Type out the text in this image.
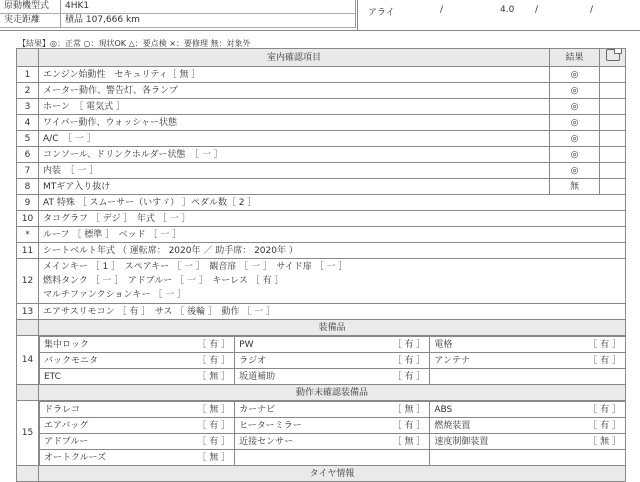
原動機型式	4HK1
実走距離	積品 107,666 km
アライ	/	4.0 /	/
【結果】◎：正常 ○：現状OK △：要点検 ×：要修理 無：対象外
	室内確認項目	結果	
1	エンジン始動性　セキュリティ［ 無 ］	◎	
2	メーター動作、警告灯、各ランプ	◎	
3	ホーン　［ 電気式 ］	◎	
4	ワイパー動作、ウォッシャー状態	◎	
5	A/C　［ 一 ］	◎	
6	コンソール、ドリンクホルダー状態　［ 一 ］	◎	
7	内装　［ 一 ］	◎	
8	MTギア入り抜け	無	
9	AT 特殊 ［ スムーサー（いすゞ） ］ペダル数［ 2 ］
10	タコグラフ ［ デジ ］　年式 ［ 一 ］
*	ルーフ ［ 標準 ］　ベッド ［ 一 ］
11	シートベルト年式 （ 運転席： 2020年 ／ 助手席： 2020年 ）
12	
メインキー ［ 1 ］　スペアキー ［ 一 ］　観音扉 ［ 一 ］　サイド扉 ［ 一 ］
燃料タンク ［ 一 ］　アドブルー ［ 一 ］　キーレス ［ 有 ］
マルチファンクションキー ［ 一 ］

13	エアサスリモコン ［ 有 ］　サス ［ 後輪 ］　動作 ［ 一 ］
	装備品
14	
集中ロック	［ 有 ］	PW	［ 有 ］	電格	［ 有 ］

バックモニタ	［ 有 ］	ラジオ	［ 有 ］	アンテナ	［ 有 ］

ETC	［ 無 ］	坂道補助	［ 有 ］

	動作未確認装備品
15	
ドラレコ	［ 無 ］	カーナビ	［ 無 ］	ABS	［ 有 ］

エアバッグ	［ 有 ］	ヒーターミラー	［ 有 ］	燃焼装置	［ 有 ］

アドブルー	［ 有 ］	近接センサー	［ 無 ］	速度制御装置	［ 無 ］

オートクルーズ	［ 無 ］

	タイヤ情報
